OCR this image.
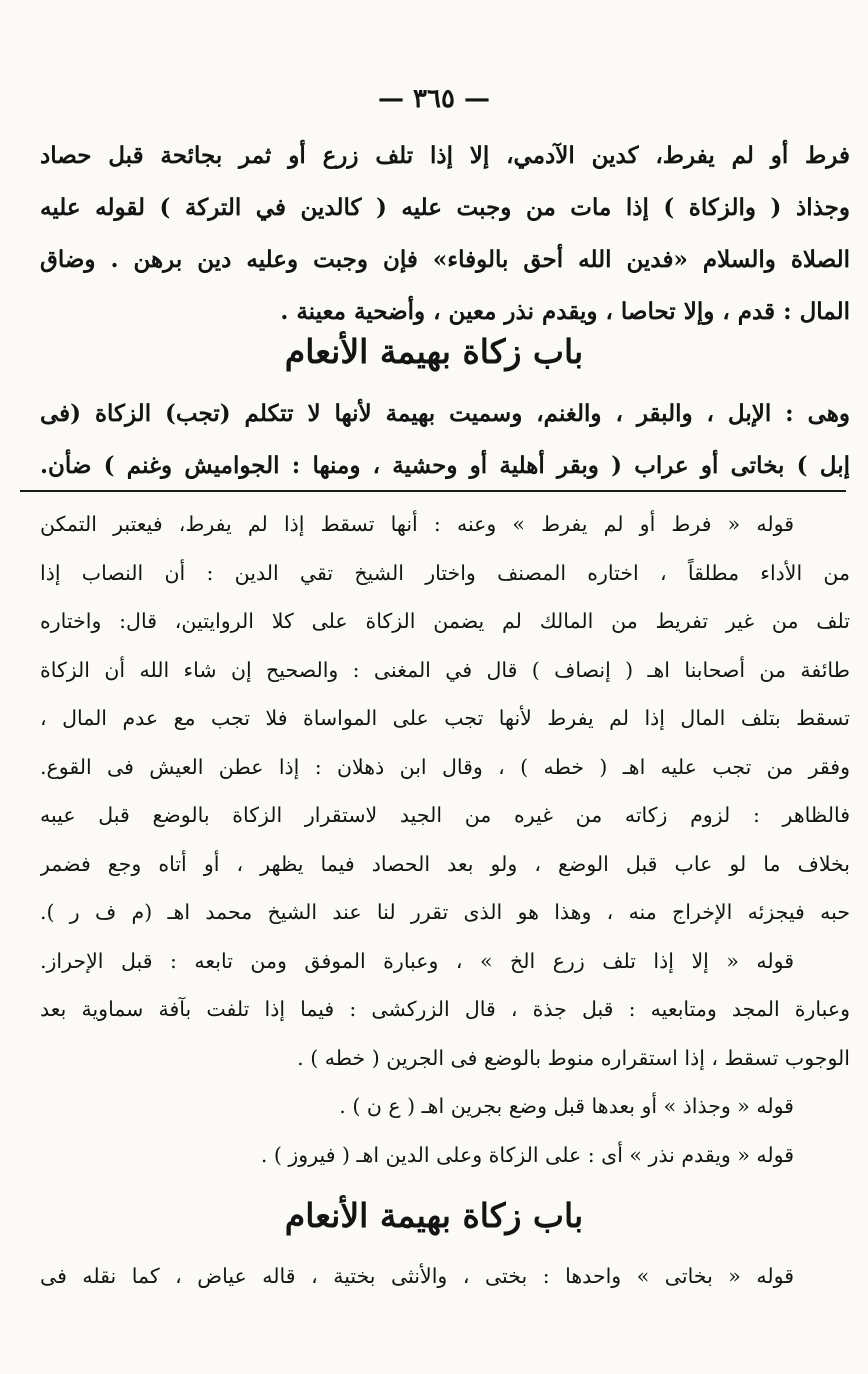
— ٣٦٥ —
فرط أو لم يفرط، كدين الآدمي، إلا إذا تلف زرع أو ثمر بجائحة قبل حصاد
وجذاذ ( والزكاة ) إذا مات من وجبت عليه ( كالدين في التركة ) لقوله عليه
الصلاة والسلام «فدين الله أحق بالوفاء» فإن وجبت وعليه دين برهن . وضاق
المال : قدم ، وإلا تحاصا ، ويقدم نذر معين ، وأضحية معينة .
باب زكاة بهيمة الأنعام
وهى : الإبل ، والبقر ، والغنم، وسميت بهيمة لأنها لا تتكلم (تجب) الزكاة (فى
إبل ) بخاتى أو عراب ( وبقر أهلية أو وحشية ، ومنها : الجواميش وغنم ) ضأن.
قوله « فرط أو لم يفرط » وعنه : أنها تسقط إذا لم يفرط، فيعتبر التمكن
من الأداء مطلقاً ، اختاره المصنف واختار الشيخ تقي الدين : أن النصاب إذا
تلف من غير تفريط من المالك لم يضمن الزكاة على كلا الروايتين، قال: واختاره
طائفة من أصحابنا اهـ ( إنصاف ) قال في المغنى : والصحيح إن شاء الله أن الزكاة
تسقط بتلف المال إذا لم يفرط لأنها تجب على المواساة فلا تجب مع عدم المال ،
وفقر من تجب عليه اهـ ( خطه ) ، وقال ابن ذهلان : إذا عطن العيش فى القوع.
فالظاهر : لزوم زكاته من غيره من الجيد لاستقرار الزكاة بالوضع قبل عيبه
بخلاف ما لو عاب قبل الوضع ، ولو بعد الحصاد فيما يظهر ، أو أتاه وجع فضمر
حبه فيجزئه الإخراج منه ، وهذا هو الذى تقرر لنا عند الشيخ محمد اهـ (م ف ر ).
قوله « إلا إذا تلف زرع الخ » ، وعبارة الموفق ومن تابعه : قبل الإحراز.
وعبارة المجد ومتابعيه : قبل جذة ، قال الزركشى : فيما إذا تلفت بآفة سماوية بعد
الوجوب تسقط ، إذا استقراره منوط بالوضع فى الجرين ( خطه ) .
قوله « وجذاذ » أو بعدها قبل وضع بجرين اهـ ( ع ن ) .
قوله « ويقدم نذر » أى : على الزكاة وعلى الدين اهـ ( فيروز ) .
باب زكاة بهيمة الأنعام
قوله « بخاتى » واحدها : بختى ، والأنثى بختية ، قاله عياض ، كما نقله فى
